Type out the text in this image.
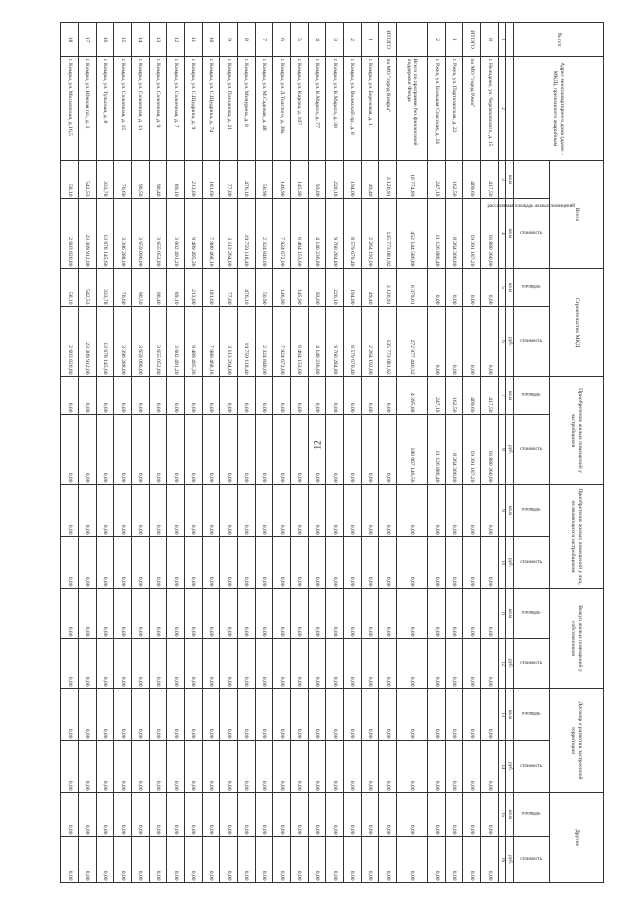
12
№ п/п	Адрес многоквартирного дома (далее - МКД), признанного аварийным	Всего		Строительство МКД		Приобретение жилых помещений у застройщиков		Приобретение жилых помещений у лиц, не являющихся застройщиком		Выкуп жилых помещений у собственников		Договор о развитии застроенной территории		Другие	
		расселяемая площадь жилых помещений	стоимость	площадь	стоимость	площадь	стоимость	площадь	стоимость	площадь	стоимость	площадь	стоимость	площадь	стоимость
		кв.м	кв.м	кв.м	руб.	кв.м	руб.	кв.м	руб.	кв.м	руб.	кв.м	руб.	кв.м	руб.
1	2	3	4	5	6	7	8	9	10	11	12	13	14	15	16
8	г. Нелидово, ул. Черняховского, д. 15	417,50	16 880 360,00	0,00	0,00	417,50	16 880 360,00	0,00	0,00	0,00	0,00	0,00	0,00	0,00	0,00
ИТОГО	по МО "город Ржев"	409,60	19 391 187,20	0,00	0,00	409,60	19 391 187,20	0,00	0,00	0,00	0,00	0,00	0,00	0,00	0,00
1	г. Ржев, ул. Партизанская, д. 22	162,50	8 264 300,80	0,00	0,00	162,50	8 264 300,80	0,00	0,00	0,00	0,00	0,00	0,00	0,00	0,00
2	г. Ржев, ул. Большая Спасская, д. 24	247,10	11 126 886,40	0,00	0,00	247,10	11 126 886,40	0,00	0,00	0,00	0,00	0,00	0,00	0,00	0,00
	Всего по программе без финансовой поддержки Фонда	10 774,89	452 144 586,88	6 379,01	272 077 440,32	4 395,88	180 067 146,56	0,00	0,00	0,00	0,00	0,00	0,00	0,00	0,00
ИТОГО	по МО "город Кимры"	3 120,91	135 773 081,92	3 120,91	135 773 081,92	0,00	0,00	0,00	0,00	0,00	0,00	0,00	0,00	0,00	0,00
1	г. Кимры, ул. Березовая, д. 1	49,40	2 264 192,00	49,40	2 264 192,00	0,00	0,00	0,00	0,00	0,00	0,00	0,00	0,00	0,00	0,00
2	г. Кимры, ул. Волжский пр., д. 8	194,00	8 579 670,40	194,00	8 579 670,40	0,00	0,00	0,00	0,00	0,00	0,00	0,00	0,00	0,00	0,00
3	г. Кимры, ул. К.Маркса, д. 30	220,10	9 760 284,80	220,10	9 760 284,80	0,00	0,00	0,00	0,00	0,00	0,00	0,00	0,00	0,00	0,00
4	г. Кимры, ул. К.Маркса, д. 77	93,00	4 140 236,80	93,00	4 140 236,80	0,00	0,00	0,00	0,00	0,00	0,00	0,00	0,00	0,00	0,00
5	г. Кимры, ул. Кирова, д. 107	145,90	6 464 153,60	145,90	6 464 153,60	0,00	0,00	0,00	0,00	0,00	0,00	0,00	0,00	0,00	0,00
6	г. Кимры, ул. Л.Толстого, д. 38а	146,90	7 924 672,00	146,90	7 924 672,00	0,00	0,00	0,00	0,00	0,00	0,00	0,00	0,00	0,00	0,00
7	г. Кимры, ул. М.Садовая, д. 48	50,90	2 324 840,00	50,90	2 324 840,00	0,00	0,00	0,00	0,00	0,00	0,00	0,00	0,00	0,00	0,00
8	г. Кимры, ул. Мичурина, д. 8	476,10	19 759 118,40	476,10	19 759 118,40	0,00	0,00	0,00	0,00	0,00	0,00	0,00	0,00	0,00	0,00
9	г. Кимры, ул. Плеханова, д. 21	77,00	3 113 264,00	77,00	3 113 264,00	0,00	0,00	0,00	0,00	0,00	0,00	0,00	0,00	0,00	0,00
10	г. Кимры, ул. С.Щедрина, д. 74	181,60	7 980 468,16	181,60	7 980 468,16	0,00	0,00	0,00	0,00	0,00	0,00	0,00	0,00	0,00	0,00
11	г. Кимры, ул. С.Щедрина, д. 9	213,00	9 489 495,36	213,00	9 489 495,36	0,00	0,00	0,00	0,00	0,00	0,00	0,00	0,00	0,00	0,00
12	г. Кимры, ул. Солнечная, д. 7	89,10	3 602 491,20	89,10	3 602 491,20	0,00	0,00	0,00	0,00	0,00	0,00	0,00	0,00	0,00	0,00
13	г. Кимры, ул. Солнечная, д. 9	90,40	3 655 052,80	90,40	3 655 052,80	0,00	0,00	0,00	0,00	0,00	0,00	0,00	0,00	0,00	0,00
14	г. Кимры, ул. Солнечная, д. 13	90,50	3 659 096,00	90,50	3 659 096,00	0,00	0,00	0,00	0,00	0,00	0,00	0,00	0,00	0,00	0,00
15	г. Кимры, ул. Солнечная, д. 15	70,60	3 396 288,00	70,60	3 396 288,00	0,00	0,00	0,00	0,00	0,00	0,00	0,00	0,00	0,00	0,00
16	г. Кимры, ул. Тульская, д. 8	333,78	13 678 145,60	333,78	13 678 145,60	0,00	0,00	0,00	0,00	0,00	0,00	0,00	0,00	0,00	0,00
17	г. Кимры, ул. Южная пл., д. 3	542,53	23 309 912,00	542,53	23 309 912,00	0,00	0,00	0,00	0,00	0,00	0,00	0,00	0,00	0,00	0,00
18	г. Кимры, ул. Московская, д.16,5	58,10	2 603 820,80	58,10	2 603 820,80	0,00	0,00	0,00	0,00	0,00	0,00	0,00	0,00	0,00	0,00
